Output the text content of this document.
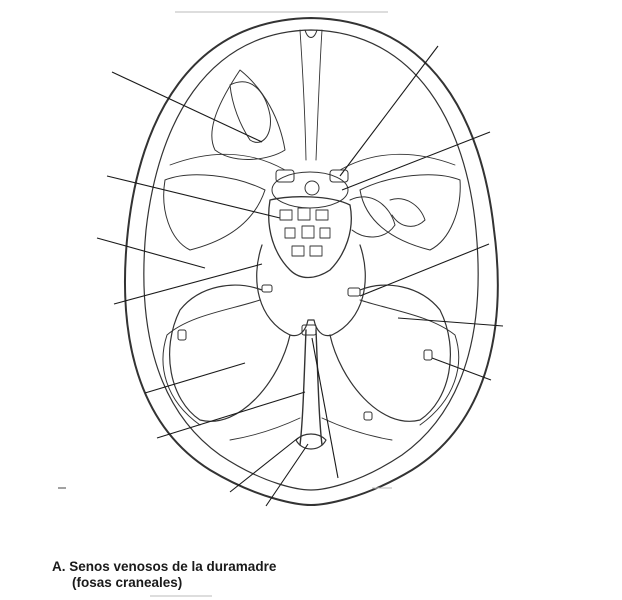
A. Senos venosos de la duramadre
(fosas craneales)
